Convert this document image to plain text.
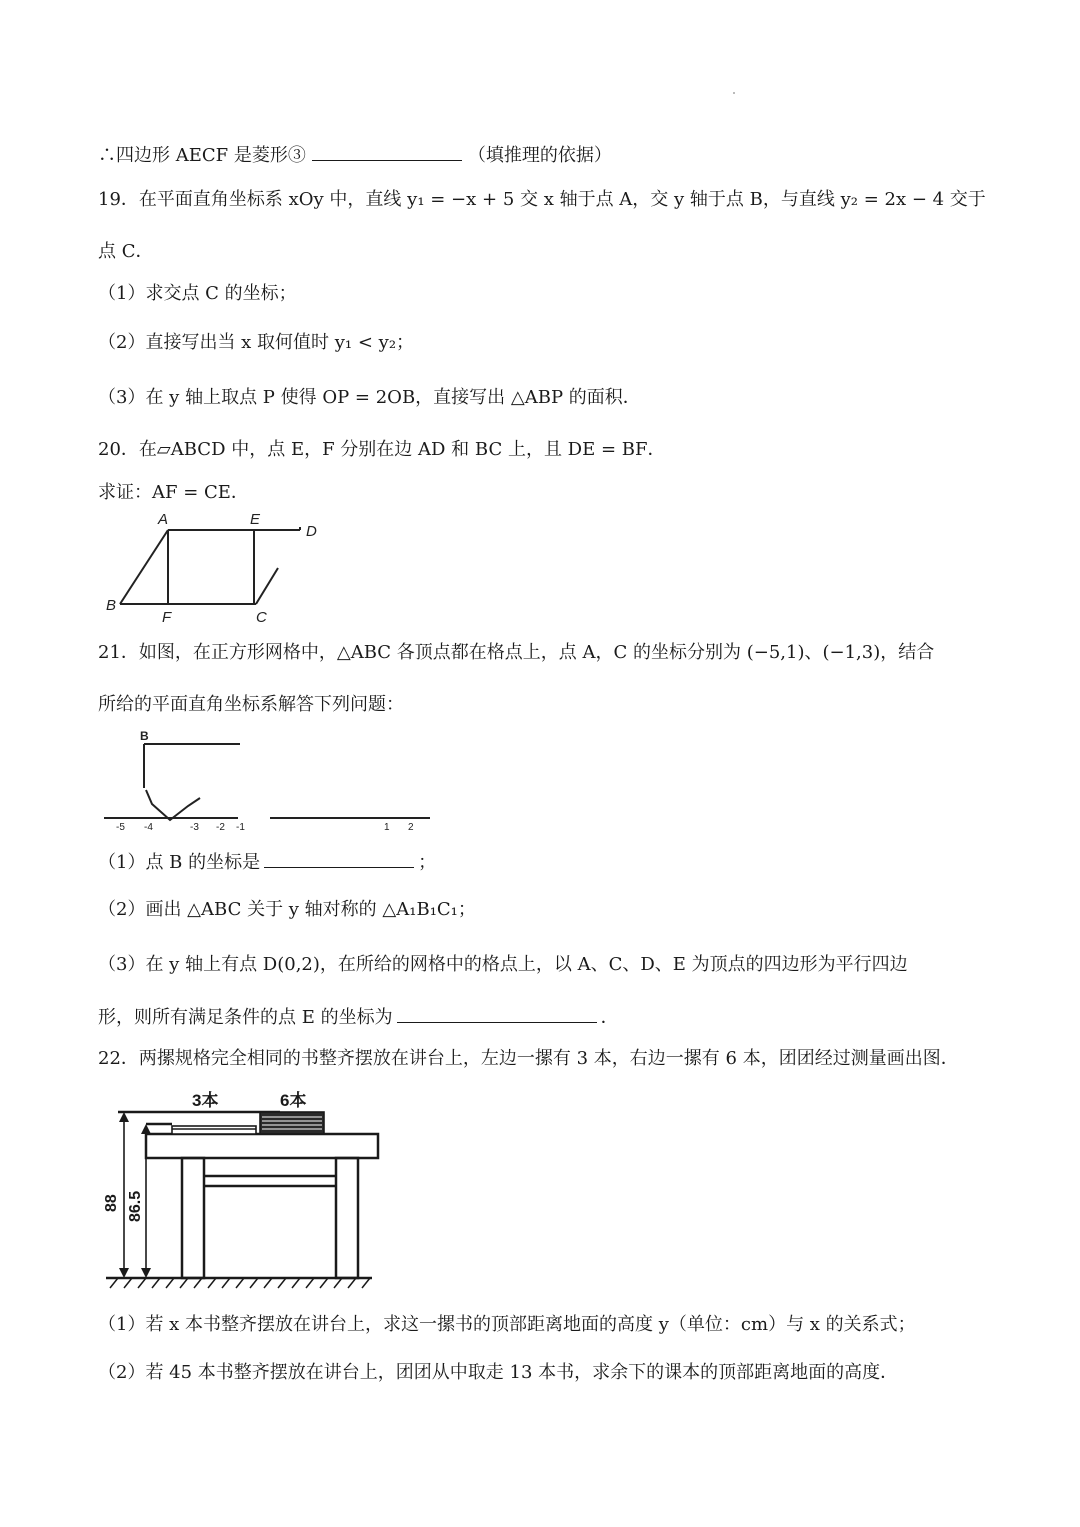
∴四边形 AECF 是菱形③	（填推理的依据）
19．在平面直角坐标系 xOy 中，直线 y₁ = −x + 5 交 x 轴于点 A，交 y 轴于点 B，与直线 y₂ = 2x − 4 交于
点 C．
（1）求交点 C 的坐标；
（2）直接写出当 x 取何值时 y₁ < y₂；
（3）在 y 轴上取点 P 使得 OP = 2OB，直接写出 △ABP 的面积．
20．在▱ABCD 中，点 E，F 分别在边 AD 和 BC 上，且 DE = BF．
求证：AF = CE．
A	E
D
B
F	C
21．如图，在正方形网格中，△ABC 各顶点都在格点上，点 A，C 的坐标分别为 (−5,1)、(−1,3)，结合
所给的平面直角坐标系解答下列问题：
B
-5 -4	-3 -2 -1	1 2
（1）点 B 的坐标是	；
（2）画出 △ABC 关于 y 轴对称的 △A₁B₁C₁；
（3）在 y 轴上有点 D(0,2)，在所给的网格中的格点上，以 A、C、D、E 为顶点的四边形为平行四边
形，则所有满足条件的点 E 的坐标为	．
22．两摞规格完全相同的书整齐摆放在讲台上，左边一摞有 3 本，右边一摞有 6 本，团团经过测量画出图．
3本	6本
88 86.5
（1）若 x 本书整齐摆放在讲台上，求这一摞书的顶部距离地面的高度 y（单位：cm）与 x 的关系式；
（2）若 45 本书整齐摆放在讲台上，团团从中取走 13 本书，求余下的课本的顶部距离地面的高度．
